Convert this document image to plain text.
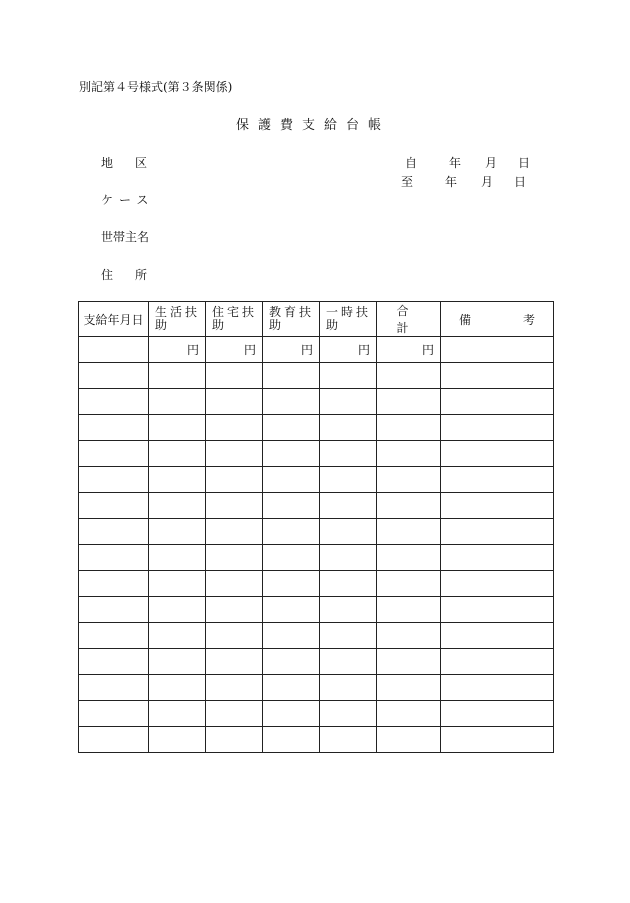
別記第４号様式(第３条関係)
保護費支給台帳
地区
ケース
世帯主名
住所
自	年	月	日
至	年	月	日
支給年月日	生活扶助	住宅扶助	教育扶助	一時扶助	合計	備 考

	円	円	円	円	円	
